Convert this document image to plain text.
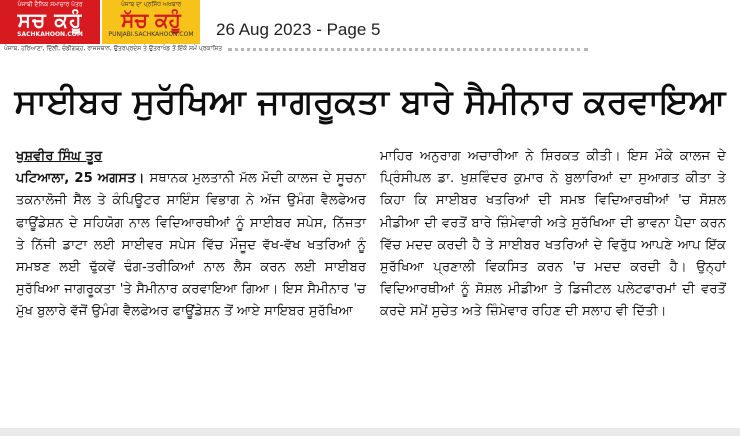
ਪੰਜਾਬੀ ਦੈਨਿਕ ਸਮਾਚਾਰ ਪੱਤਰ
ਸਚ ਕਹੂੰ
SACHKAHOON.COM
ਪੰਜਾਬ ਦਾ ਪ੍ਰਸਿੱਧ ਅਖਬਾਰ
ਸੱਚ ਕਹੂੰ
PUNJABI.SACHKAHOON.COM
ਪੰਜਾਬ, ਹਰਿਆਣਾ, ਦਿੱਲੀ, ਚੰਡੀਗੜ੍ਹ, ਰਾਜਸਥਾਨ, ਉਤਰਪ੍ਰਦੇਸ਼ ਤੇ ਉਤਰਾਖੰਡ ਤੋਂ ਇੱਕੋ ਸਮੇਂ ਪ੍ਰਕਾਸ਼ਿਤ
26 Aug 2023 - Page 5
ਸਾਈਬਰ ਸੁਰੱਖਿਆ ਜਾਗਰੂਕਤਾ ਬਾਰੇ ਸੈਮੀਨਾਰ ਕਰਵਾਇਆ
ਖੁਸ਼ਵੀਰ ਸਿੰਘ ਤੂਰ
ਪਟਿਆਲਾ, 25 ਅਗਸਤ। ਸਥਾਨਕ ਮੁਲਤਾਨੀ ਮੱਲ ਮੋਦੀ ਕਾਲਜ ਦੇ ਸੂਚਨਾ ਤਕਨਾਲੋਜੀ ਸੈੱਲ ਤੇ ਕੰਪਿਊਟਰ ਸਾਇੰਸ ਵਿਭਾਗ ਨੇ ਅੱਜ ਉਮੰਗ ਵੈਲਫੇਅਰ ਫਾਊਂਡੇਸ਼ਨ ਦੇ ਸਹਿਯੋਗ ਨਾਲ ਵਿਦਿਆਰਥੀਆਂ ਨੂੰ ਸਾਈਬਰ ਸਪੇਸ, ਨਿੱਜਤਾ ਤੇ ਨਿੱਜੀ ਡਾਟਾ ਲਈ ਸਾਈਵਰ ਸਪੇਸ ਵਿੱਚ ਮੌਜੂਦ ਵੱਖ-ਵੱਖ ਖਤਰਿਆਂ ਨੂੰ ਸਮਝਣ ਲਈ ਢੁੱਕਵੇਂ ਢੰਗ-ਤਰੀਕਿਆਂ ਨਾਲ ਲੈਸ ਕਰਨ ਲਈ ਸਾਈਬਰ ਸੁਰੱਖਿਆ ਜਾਗਰੂਕਤਾ 'ਤੇ ਸੈਮੀਨਾਰ ਕਰਵਾਇਆ ਗਿਆ। ਇਸ ਸੈਮੀਨਾਰ 'ਚ ਮੁੱਖ ਬੁਲਾਰੇ ਵੱਜੋਂ ਉਮੰਗ ਵੈਲਫੇਅਰ ਫਾਊਂਡੇਸ਼ਨ ਤੋਂ ਆਏ ਸਾਇਬਰ ਸੁਰੱਖਿਆ
ਮਾਹਿਰ ਅਨੁਰਾਗ ਅਚਾਰੀਆ ਨੇ ਸ਼ਿਰਕਤ ਕੀਤੀ। ਇਸ ਮੌਕੇ ਕਾਲਜ ਦੇ ਪ੍ਰਿੰਸੀਪਲ ਡਾ. ਖੁਸ਼ਵਿੰਦਰ ਕੁਮਾਰ ਨੇ ਬੁਲਾਰਿਆਂ ਦਾ ਸੁਆਗਤ ਕੀਤਾ ਤੇ ਕਿਹਾ ਕਿ ਸਾਈਬਰ ਖਤਰਿਆਂ ਦੀ ਸਮਝ ਵਿਦਿਆਰਥੀਆਂ 'ਚ ਸੋਸ਼ਲ ਮੀਡੀਆ ਦੀ ਵਰਤੋਂ ਬਾਰੇ ਜ਼ਿੰਮੇਵਾਰੀ ਅਤੇ ਸੁਰੱਖਿਆ ਦੀ ਭਾਵਨਾ ਪੈਦਾ ਕਰਨ ਵਿੱਚ ਮਦਦ ਕਰਦੀ ਹੈ ਤੇ ਸਾਈਬਰ ਖਤਰਿਆਂ ਦੇ ਵਿਰੁੱਧ ਆਪਣੇ ਆਪ ਇੱਕ ਸੁਰੱਖਿਆ ਪ੍ਰਣਾਲੀ ਵਿਕਸਿਤ ਕਰਨ 'ਚ ਮਦਦ ਕਰਦੀ ਹੈ। ਉਨ੍ਹਾਂ ਵਿਦਿਆਰਥੀਆਂ ਨੂੰ ਸੋਸ਼ਲ ਮੀਡੀਆ ਤੇ ਡਿਜੀਟਲ ਪਲੇਟਫਾਰਮਾਂ ਦੀ ਵਰਤੋਂ ਕਰਦੇ ਸਮੇਂ ਸੁਚੇਤ ਅਤੇ ਜ਼ਿੰਮੇਵਾਰ ਰਹਿਣ ਦੀ ਸਲਾਹ ਵੀ ਦਿੱਤੀ।
